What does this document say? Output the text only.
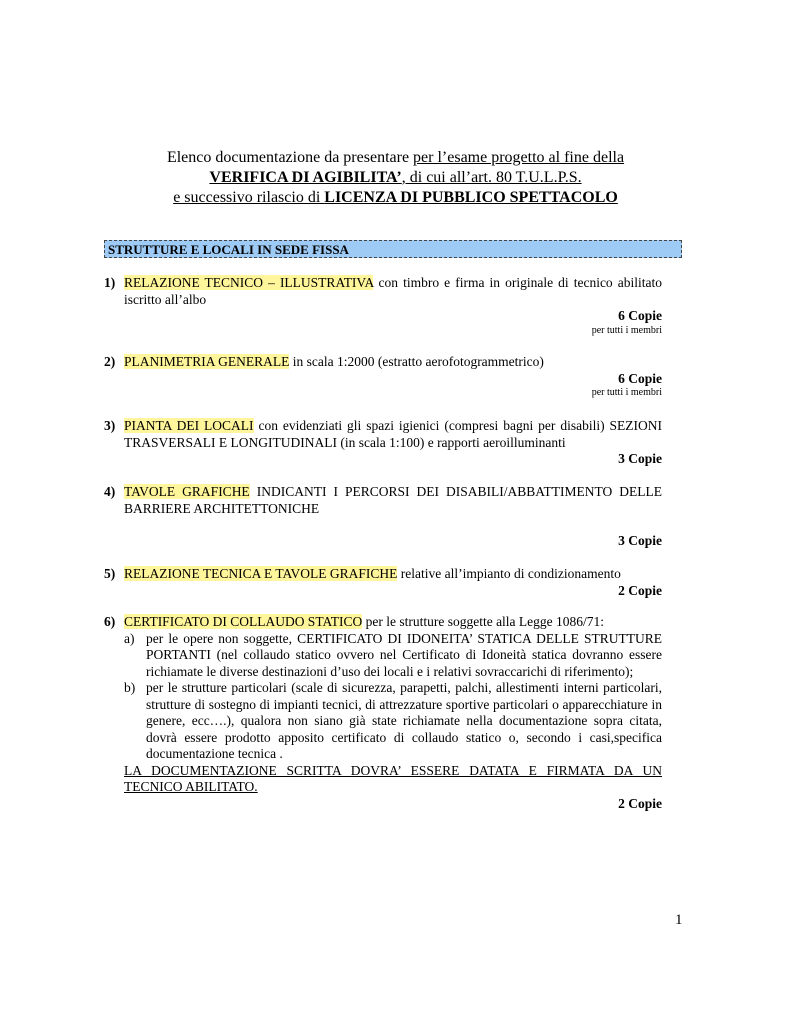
Elenco documentazione da presentare per l’esame progetto al fine della
VERIFICA DI AGIBILITA’, di cui all’art. 80 T.U.L.P.S.
e successivo rilascio di LICENZA DI PUBBLICO SPETTACOLO
STRUTTURE E LOCALI IN SEDE FISSA
1) RELAZIONE TECNICO – ILLUSTRATIVA con timbro e firma in originale di tecnico abilitato iscritto all’albo
6 Copie
per tutti i membri
2) PLANIMETRIA GENERALE in scala 1:2000 (estratto aerofotogrammetrico)
6 Copie
per tutti i membri
3) PIANTA DEI LOCALI con evidenziati gli spazi igienici (compresi bagni per disabili) SEZIONI TRASVERSALI E LONGITUDINALI (in scala 1:100) e rapporti aeroilluminanti
3 Copie
4) TAVOLE GRAFICHE INDICANTI I PERCORSI DEI DISABILI/ABBATTIMENTO DELLE BARRIERE ARCHITETTONICHE
3 Copie
5) RELAZIONE TECNICA E TAVOLE GRAFICHE relative all’impianto di condizionamento
2 Copie
6) CERTIFICATO DI COLLAUDO STATICO per le strutture soggette alla Legge 1086/71:
a) per le opere non soggette, CERTIFICATO DI IDONEITA’ STATICA DELLE STRUTTURE PORTANTI (nel collaudo statico ovvero nel Certificato di Idoneità statica dovranno essere richiamate le diverse destinazioni d’uso dei locali e i relativi sovraccarichi di riferimento);
b) per le strutture particolari (scale di sicurezza, parapetti, palchi, allestimenti interni particolari, strutture di sostegno di impianti tecnici, di attrezzature sportive particolari o apparecchiature in genere, ecc….), qualora non siano già state richiamate nella documentazione sopra citata, dovrà essere prodotto apposito certificato di collaudo statico o, secondo i casi,specifica documentazione tecnica .
LA DOCUMENTAZIONE SCRITTA DOVRA’ ESSERE DATATA E FIRMATA DA UN TECNICO ABILITATO.
2 Copie
1
